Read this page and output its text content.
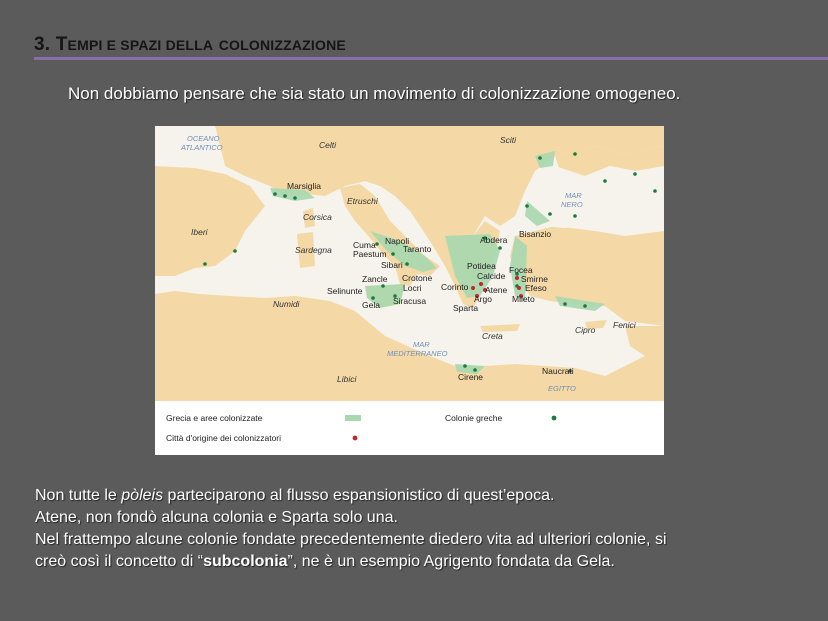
3. TEMPI E SPAZI DELLA COLONIZZAZIONE
Non dobbiamo pensare che sia stato un movimento di colonizzazione omogeneo.
OCEANO
ATLANTICO	Celti	Sciti
MAR
NERO
Marsiglia
Etruschi
Corsica
Iberi
Sardegna Cuma Napoli
Paestum Taranto
Sibari
Abdera
Bisanzio
Potidea
Calcide
Focea
Smirne
Efeso
Mileto
Zancle Crotone
Corinto Atene
Argo
Sparta
Selinunte	Locri
Siracusa
Gela
Numidi
Creta
Cipro Fenici
MAR
MEDITERRANEO
Libici	Cirene
Naucrati
EGITTO
Grecia e aree colonizzate
Città d'origine dei colonizzatori
Colonie greche

Non tutte le pòleis parteciparono al flusso espansionistico di quest’epoca.

Atene, non fondò alcuna colonia e Sparta solo una.

Nel frattempo alcune colonie fondate precedentemente diedero vita ad ulteriori colonie, si

creò così il concetto di “subcolonia”, ne è un esempio Agrigento fondata da Gela.
